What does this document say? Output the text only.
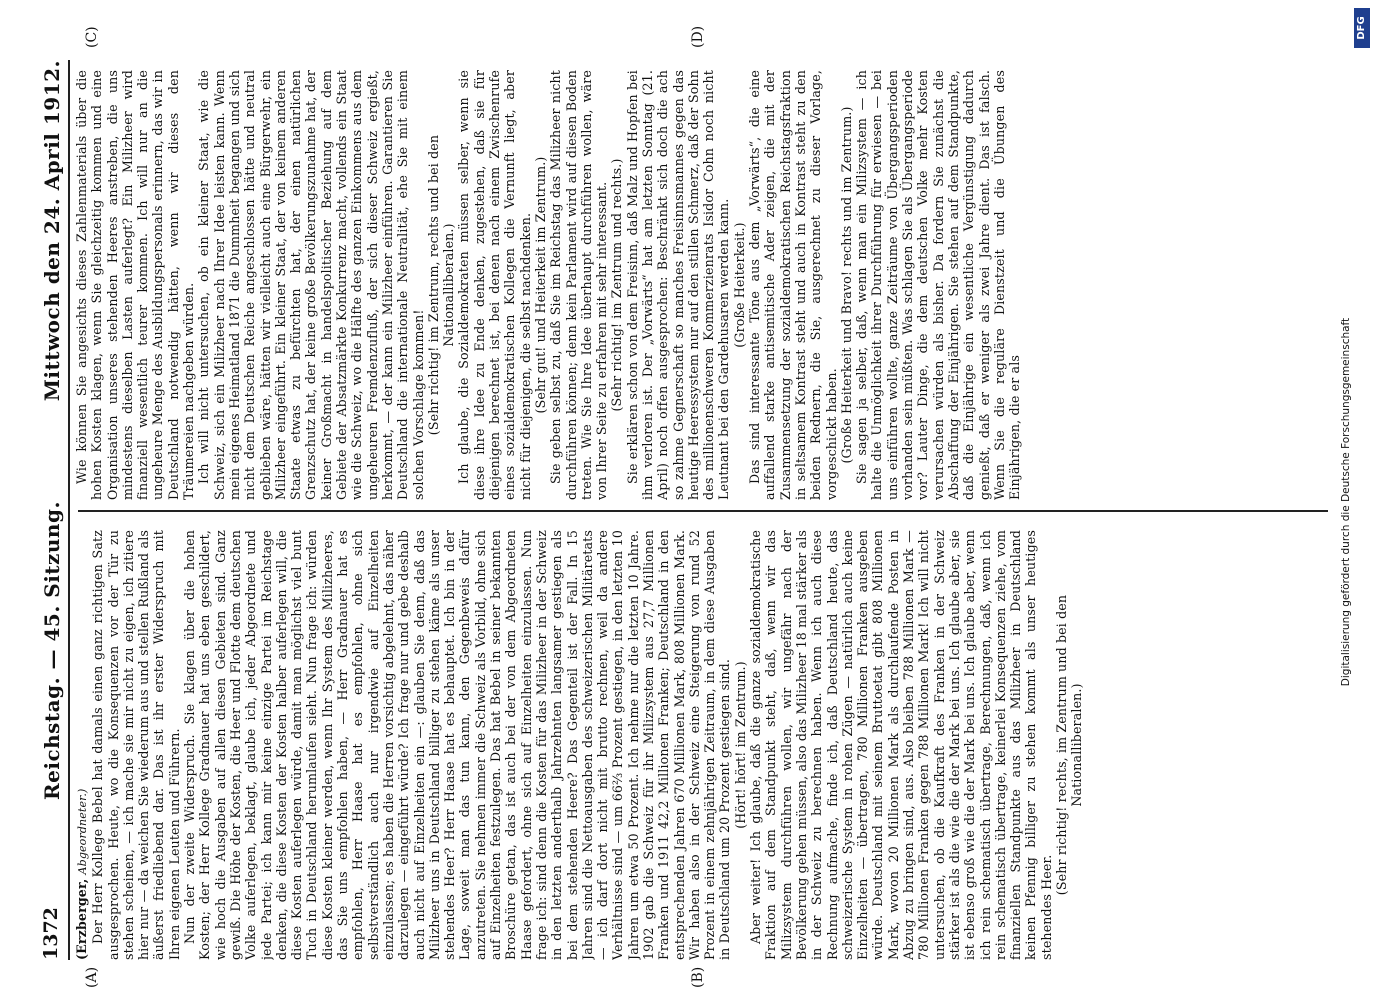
1372
Reichstag. — 45. Sitzung.
Mittwoch den 24. April 1912.
(A)	(B)
(C)	(D)

(Erzberger, Abgeordneter.) Der Herr Kollege Bebel hat damals einen ganz richtigen Satz ausgesprochen. Heute, wo die Konsequenzen vor der Tür zu stehen scheinen, — ich mache sie mir nicht zu eigen, ich zitiere hier nur — da weichen Sie wiederum aus und stellen Rußland als äußerst friedliebend dar. Das ist ihr erster Widerspruch mit Ihren eigenen Leuten und Führern. Nun der zweite Widerspruch. Sie klagen über die hohen Kosten; der Herr Kollege Gradnauer hat uns eben geschildert, wie hoch die Ausgaben auf allen diesen Gebieten sind. Ganz gewiß. Die Höhe der Kosten, die Heer und Flotte dem deutschen Volke auferlegen, beklagt, glaube ich, jeder Abgeordnete und jede Partei; ich kann mir keine einzige Partei im Reichstage denken, die diese Kosten der Kosten halber auferlegen will, die diese Kosten auferlegen würde, damit man möglichst viel bunt Tuch in Deutschland herumlaufen sieht. Nun frage ich: würden diese Kosten kleiner werden, wenn Ihr System des Milizheeres, das Sie uns empfohlen haben, — Herr Gradnauer hat es empfohlen, Herr Haase hat es empfohlen, ohne sich selbstverständlich auch nur irgendwie auf Einzelheiten einzulassen; es haben die Herren vorsichtig abgelehnt, das näher darzulegen — eingeführt würde? Ich frage nur und gebe deshalb auch nicht auf Einzelheiten ein —: glauben Sie denn, daß das Milizheer uns in Deutschland billiger zu stehen käme als unser stehendes Heer? Herr Haase hat es behauptet. Ich bin in der Lage, soweit man das tun kann, den Gegenbeweis dafür anzutreten. Sie nehmen immer die Schweiz als Vorbild, ohne sich auf Einzelheiten festzulegen. Das hat Bebel in seiner bekannten Broschüre getan, das ist auch bei der von dem Abgeordneten Haase gefordert, ohne sich auf Einzelheiten einzulassen. Nun frage ich: sind denn die Kosten für das Milizheer in der Schweiz in den letzten anderthalb Jahrzehnten langsamer gestiegen als bei dem stehenden Heere? Das Gegenteil ist der Fall. In 15 Jahren sind die Nettoausgaben des schweizerischen Militäretats — ich darf dort nicht mit brutto rechnen, weil da andere Verhältnisse sind — um 66⅔ Prozent gestiegen, in den letzten 10 Jahren um etwa 50 Prozent. Ich nehme nur die letzten 10 Jahre. 1902 gab die Schweiz für ihr Milizsystem aus 27,7 Millionen Franken und 1911 42,2 Millionen Franken; Deutschland in den entsprechenden Jahren 670 Millionen Mark, 808 Millionen Mark. Wir haben also in der Schweiz eine Steigerung von rund 52 Prozent in einem zehnjährigen Zeitraum, in dem diese Ausgaben in Deutschland um 20 Prozent gestiegen sind. (Hört! hört! im Zentrum.) Aber weiter! Ich glaube, daß die ganze sozialdemokratische Fraktion auf dem Standpunkt steht, daß, wenn wir das Milizsystem durchführen wollen, wir ungefähr nach der Bevölkerung gehen müssen, also das Milizheer 18 mal stärker als in der Schweiz zu berechnen haben. Wenn ich auch diese Rechnung aufmache, finde ich, daß Deutschland heute, das schweizerische System in rohen Zügen — natürlich auch keine Einzelheiten — übertragen, 780 Millionen Franken ausgeben würde. Deutschland mit seinem Bruttoetat gibt 808 Millionen Mark, wovon 20 Millionen Mark als durchlaufende Posten in Abzug zu bringen sind, aus. Also bleiben 788 Millionen Mark — 780 Millionen Franken gegen 788 Millionen Mark! Ich will nicht untersuchen, ob die Kaufkraft des Franken in der Schweiz stärker ist als die wie die der Mark bei uns. Ich glaube aber, sie ist ebenso groß wie die der Mark bei uns. Ich glaube aber, wenn ich rein schematisch übertrage, Berechnungen, daß, wenn ich rein schematisch übertrage, keinerlei Konsequenzen ziehe, vom finanziellen Standpunkte aus das Milizheer in Deutschland keinen Pfennig billiger zu stehen kommt als unser heutiges stehendes Heer.

(Sehr richtig! rechts, im Zentrum und bei den Nationalliberalen.)

Wie können Sie angesichts dieses Zahlenmaterials über die hohen Kosten klagen, wenn Sie gleichzeitig kommen und eine Organisation unseres stehenden Heeres anstreben, die uns mindestens dieselben Lasten auferlegt? Ein Milizheer wird finanziell wesentlich teurer kommen. Ich will nur an die ungeheure Menge des Ausbildungspersonals erinnern, das wir in Deutschland notwendig hätten, wenn wir dieses den Träumereien nachgeben würden. Ich will nicht untersuchen, ob ein kleiner Staat, wie die Schweiz, sich ein Milizheer nach Ihrer Idee leisten kann. Wenn mein eigenes Heimatland 1871 die Dummheit begangen und sich nicht dem Deutschen Reiche angeschlossen hätte und neutral geblieben wäre, hätten wir vielleicht auch eine Bürgerwehr, ein Milizheer eingeführt. Ein kleiner Staat, der von keinem anderen Staate etwas zu befürchten hat, der einen natürlichen Grenzschutz hat, der keine große Bevölkerungszunahme hat, der keiner Großmacht in handelspolitischer Beziehung auf dem Gebiete der Absatzmärkte Konkurrenz macht, vollends ein Staat wie die Schweiz, wo die Hälfte des ganzen Einkommens aus dem ungeheuren Fremdenzufluß, der sich dieser Schweiz ergießt, herkommt, — der kann ein Milizheer einführen. Garantieren Sie Deutschland die internationale Neutralität, ehe Sie mit einem solchen Vorschlage kommen! (Sehr richtig! im Zentrum, rechts und bei den Nationalliberalen.) Ich glaube, die Sozialdemokraten müssen selber, wenn sie diese ihre Idee zu Ende denken, zugestehen, daß sie für diejenigen berechnet ist, bei denen nach einem Zwischenrufe eines sozialdemokratischen Kollegen die Vernunft liegt, aber nicht für diejenigen, die selbst nachdenken. (Sehr gut! und Heiterkeit im Zentrum.) Sie geben selbst zu, daß Sie im Reichstag das Milizheer nicht durchführen können; denn kein Parlament wird auf diesen Boden treten. Wie Sie Ihre Idee überhaupt durchführen wollen, wäre von Ihrer Seite zu erfahren mit sehr interessant. (Sehr richtig! im Zentrum und rechts.) Sie erklären schon von dem Freisinn, daß Malz und Hopfen bei ihm verloren ist. Der „Vorwärts“ hat am letzten Sonntag (21. April) noch offen ausgesprochen: Beschränkt sich doch die ach so zahme Gegnerschaft so manches Freisinnsmannes gegen das heutige Heeressystem nur auf den stillen Schmerz, daß der Sohn des millionenschweren Kommerzienrats Isidor Cohn noch nicht Leutnant bei den Gardehusaren werden kann. (Große Heiterkeit.) Das sind interessante Töne aus dem „Vorwärts“, die eine auffallend starke antisemitische Ader zeigen, die mit der Zusammensetzung der sozialdemokratischen Reichstagsfraktion in seltsamem Kontrast steht und auch in Kontrast steht zu den beiden Rednern, die Sie, ausgerechnet zu dieser Vorlage, vorgeschickt haben. (Große Heiterkeit und Bravo! rechts und im Zentrum.) Sie sagen ja selber, daß, wenn man ein Milizsystem — ich halte die Unmöglichkeit ihrer Durchführung für erwiesen — bei uns einführen wollte, ganze Zeiträume von Übergangsperioden vorhanden sein müßten. Was schlagen Sie als Übergangsperiode vor? Lauter Dinge, die dem deutschen Volke mehr Kosten verursachen würden als bisher. Da fordern Sie zunächst die Abschaffung der Einjährigen. Sie stehen auf dem Standpunkte, daß die Einjährige ein wesentliche Vergünstigung dadurch genießt, daß er weniger als zwei Jahre dient. Das ist falsch. Wenn Sie die reguläre Dienstzeit und die Übungen des Einjährigen, die er als	Digitalisierung gefördert durch die Deutsche Forschungsgemeinschaft
DFG
